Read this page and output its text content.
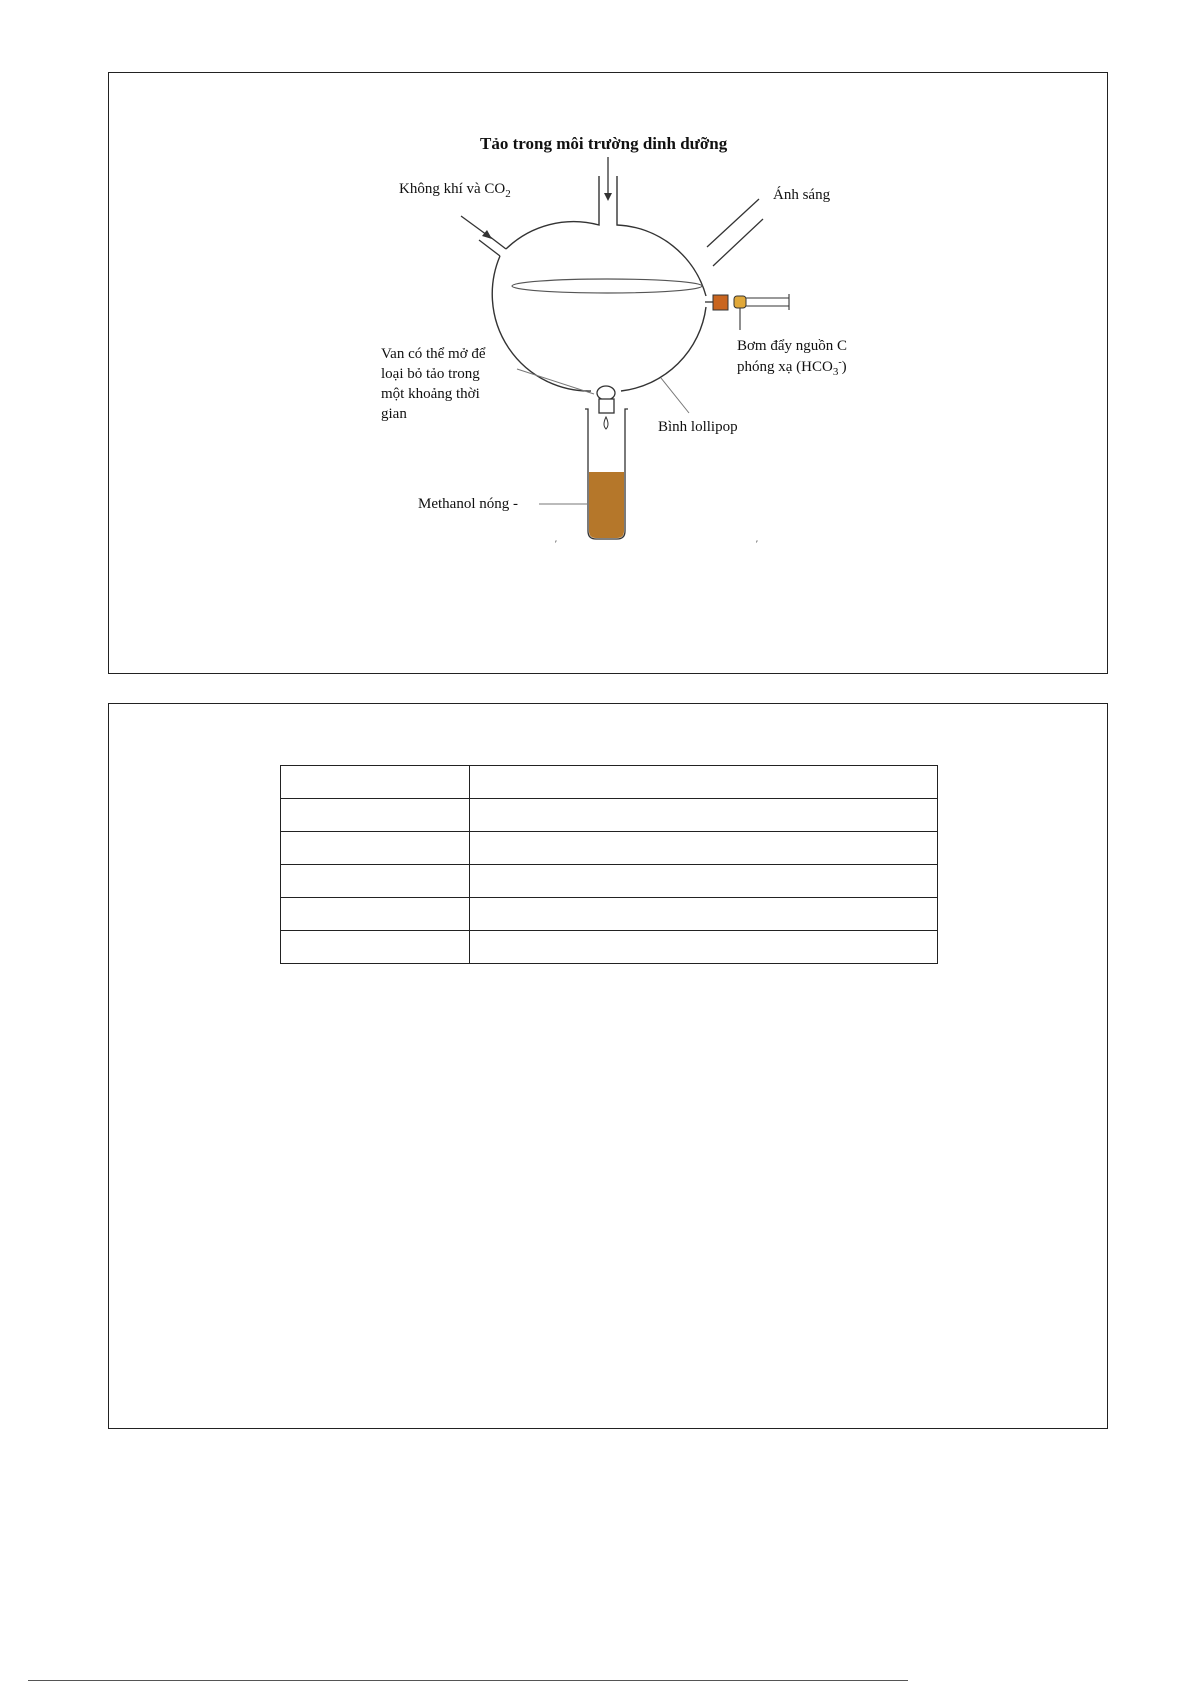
Tảo trong môi trường dinh dưỡng
Không khí và $CO_2$	Ánh sáng
Bơm đẩy nguồn C
phóng xạ $(HCO_3^-)$
Van có thể mở để
loại bỏ tảo trong
một khoảng thời
gian
Bình lollipop
Methanol nóng -
′	′
